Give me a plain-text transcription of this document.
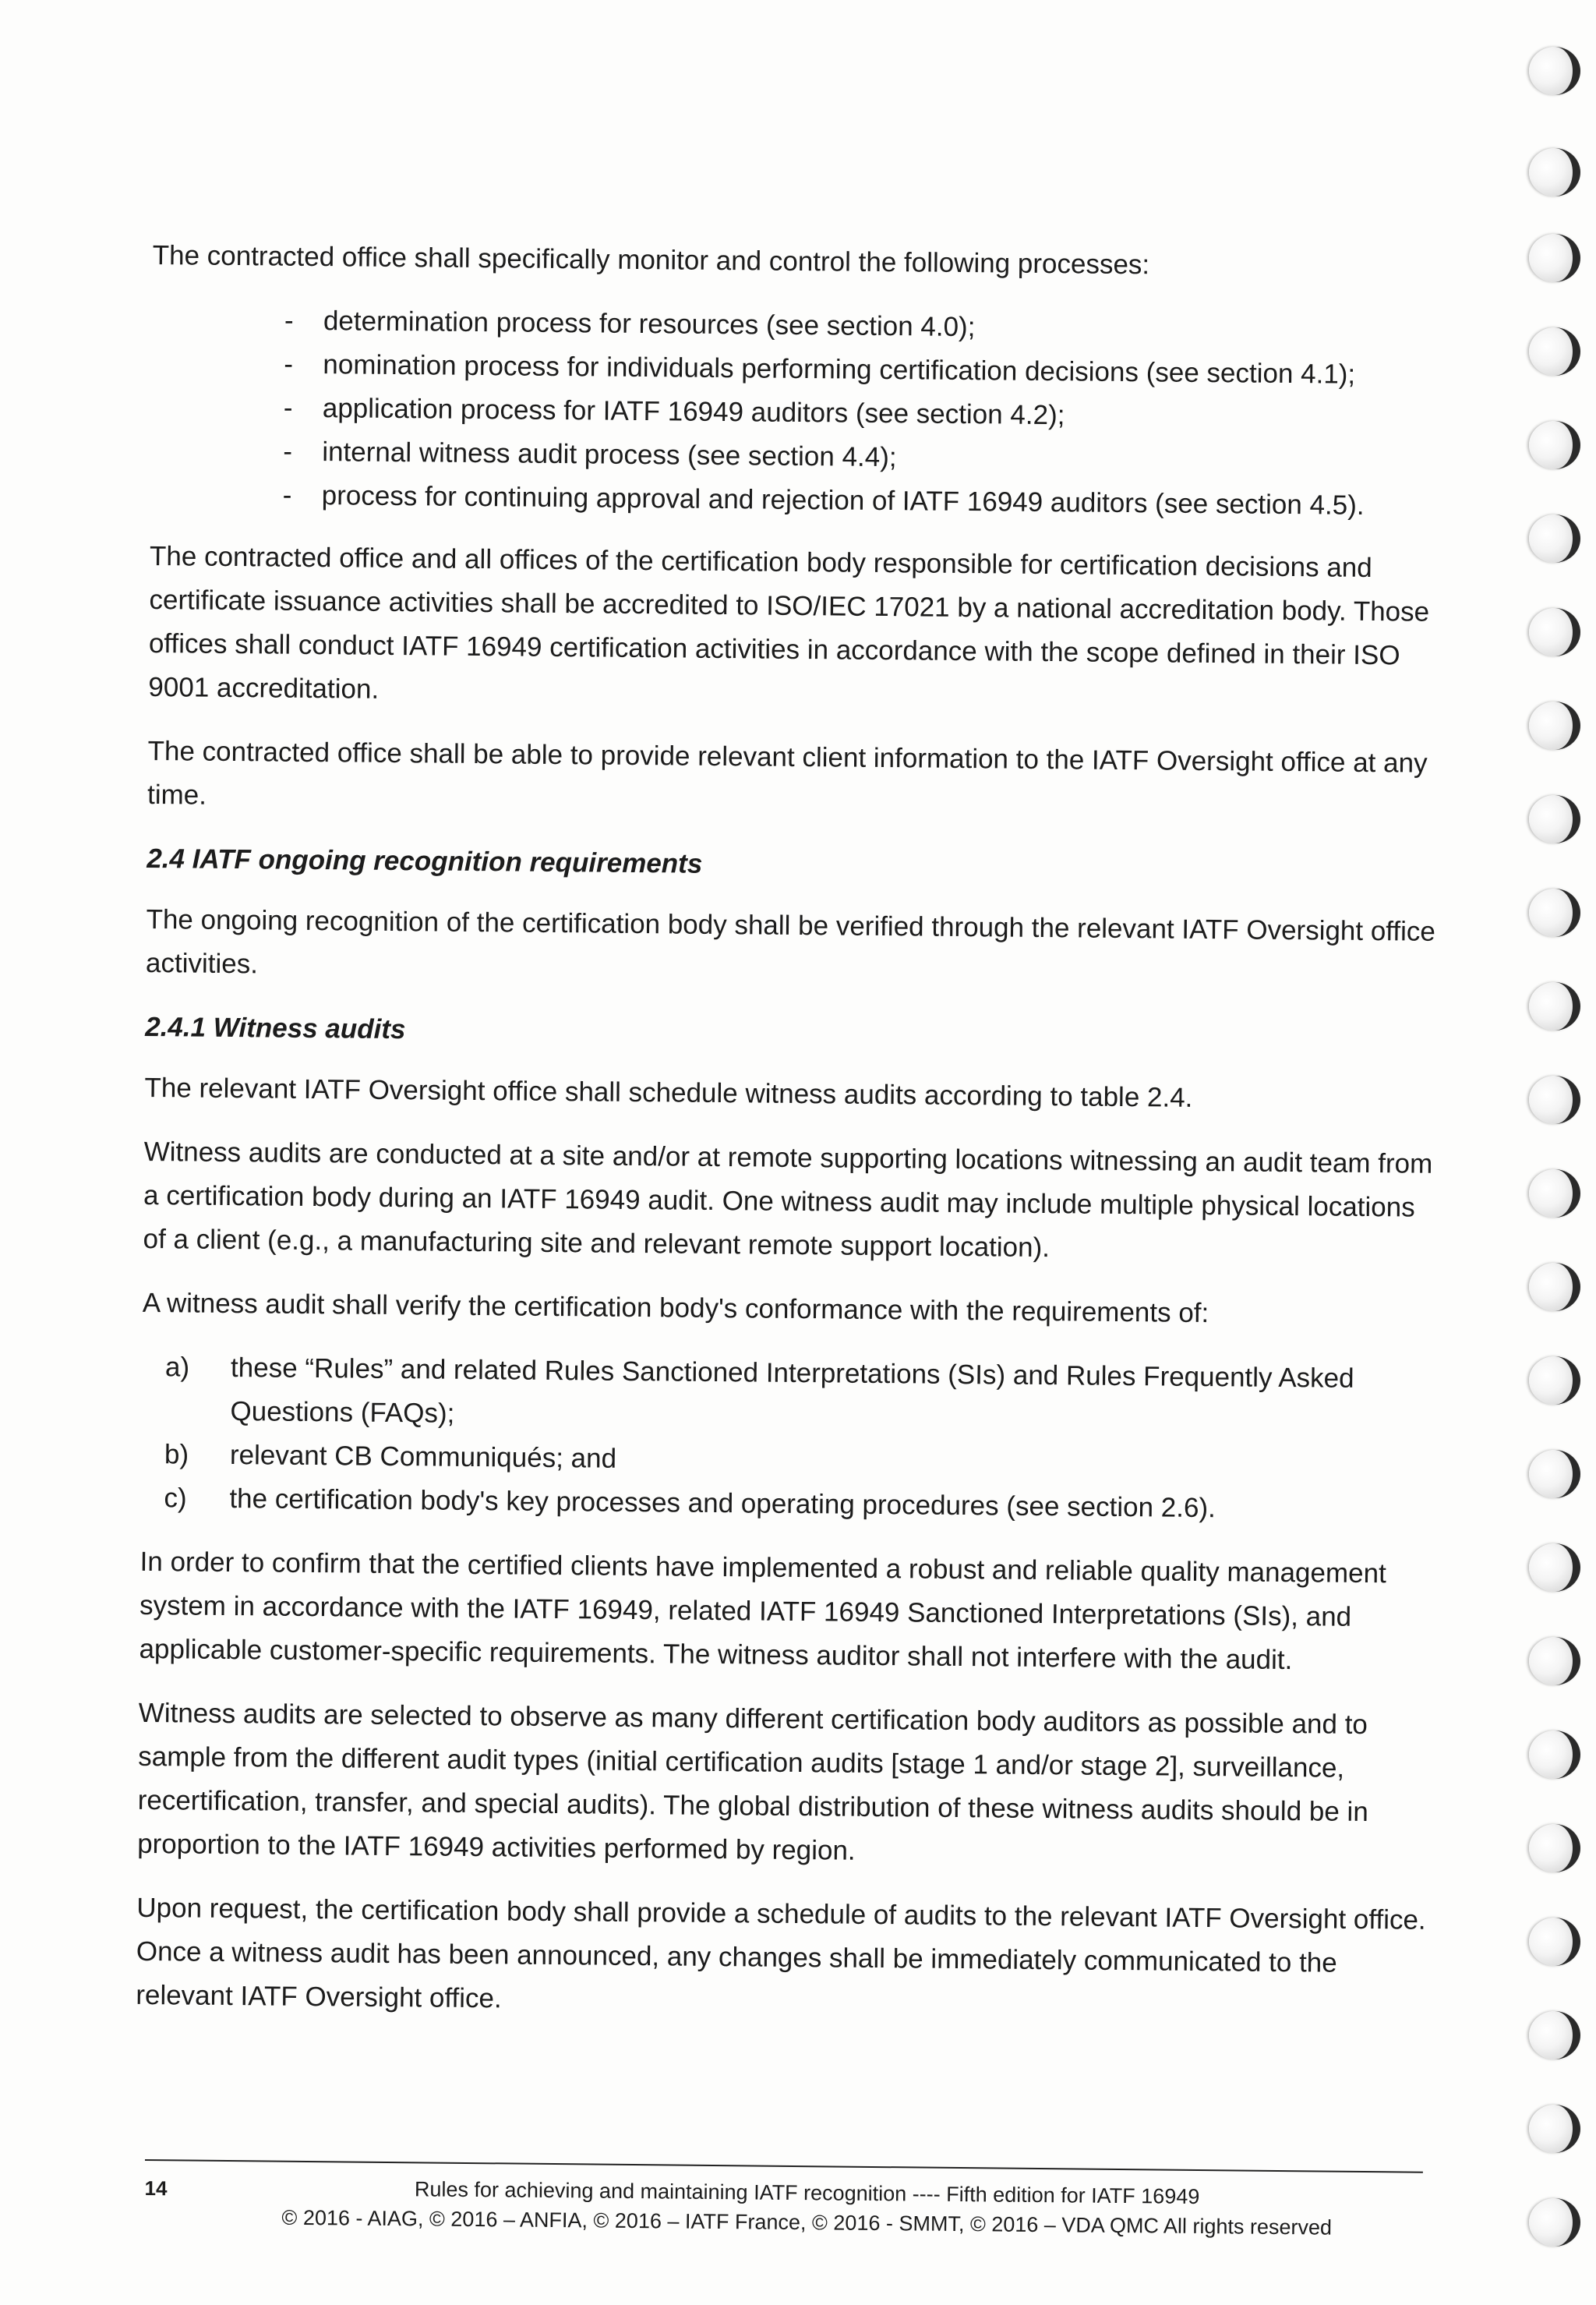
The contracted office shall specifically monitor and control the following processes:

- determination process for resources (see section 4.0);
- nomination process for individuals performing certification decisions (see section 4.1);
- application process for IATF 16949 auditors (see section 4.2);
- internal witness audit process (see section 4.4);
- process for continuing approval and rejection of IATF 16949 auditors (see section 4.5).

The contracted office and all offices of the certification body responsible for certification decisions and certificate issuance activities shall be accredited to ISO/IEC 17021 by a national accreditation body. Those offices shall conduct IATF 16949 certification activities in accordance with the scope defined in their ISO 9001 accreditation.

The contracted office shall be able to provide relevant client information to the IATF Oversight office at any time.

2.4 IATF ongoing recognition requirements

The ongoing recognition of the certification body shall be verified through the relevant IATF Oversight office activities.

2.4.1 Witness audits

The relevant IATF Oversight office shall schedule witness audits according to table 2.4.

Witness audits are conducted at a site and/or at remote supporting locations witnessing an audit team from a certification body during an IATF 16949 audit. One witness audit may include multiple physical locations of a client (e.g., a manufacturing site and relevant remote support location).

A witness audit shall verify the certification body's conformance with the requirements of:

a)	these “Rules” and related Rules Sanctioned Interpretations (SIs) and Rules Frequently Asked Questions (FAQs);
b)	relevant CB Communiqués; and
c)	the certification body's key processes and operating procedures (see section 2.6).

In order to confirm that the certified clients have implemented a robust and reliable quality management system in accordance with the IATF 16949, related IATF 16949 Sanctioned Interpretations (SIs), and applicable customer-specific requirements. The witness auditor shall not interfere with the audit.

Witness audits are selected to observe as many different certification body auditors as possible and to sample from the different audit types (initial certification audits [stage 1 and/or stage 2], surveillance, recertification, transfer, and special audits). The global distribution of these witness audits should be in proportion to the IATF 16949 activities performed by region.

Upon request, the certification body shall provide a schedule of audits to the relevant IATF Oversight office. Once a witness audit has been announced, any changes shall be immediately communicated to the relevant IATF Oversight office.

14	Rules for achieving and maintaining IATF recognition ---- Fifth edition for IATF 16949
© 2016 - AIAG, © 2016 – ANFIA, © 2016 – IATF France, © 2016 - SMMT, © 2016 – VDA QMC All rights reserved
